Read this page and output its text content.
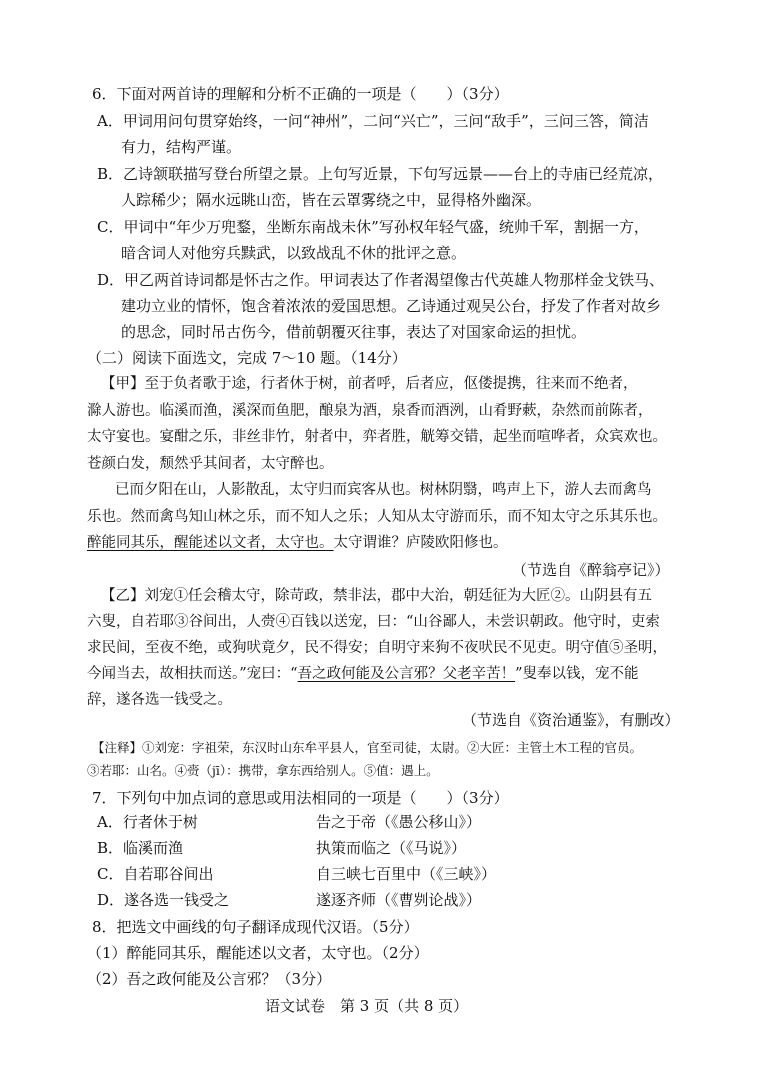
6．下面对两首诗的理解和分析不正确的一项是（　　）（3分）
A．甲词用问句贯穿始终，一问“神州”，二问“兴亡”，三问“敌手”，三问三答，简洁
有力，结构严谨。
B．乙诗颔联描写登台所望之景。上句写近景，下句写远景——台上的寺庙已经荒凉，
人踪稀少；隔水远眺山峦，皆在云罩雾绕之中，显得格外幽深。
C．甲词中“年少万兜鍪，坐断东南战未休”写孙权年轻气盛，统帅千军，割据一方，
暗含词人对他穷兵黩武，以致战乱不休的批评之意。
D．甲乙两首诗词都是怀古之作。甲词表达了作者渴望像古代英雄人物那样金戈铁马、
建功立业的情怀，饱含着浓浓的爱国思想。乙诗通过观吴公台，抒发了作者对故乡
的思念，同时吊古伤今，借前朝覆灭往事，表达了对国家命运的担忧。
（二）阅读下面选文，完成 7～10 题。（14分）
【甲】至于负者歌于途，行者休于树，前者呼，后者应，伛偻提携，往来而不绝者，
滁人游也。临溪而渔，溪深而鱼肥，酿泉为酒，泉香而酒洌，山肴野蔌，杂然而前陈者，
太守宴也。宴酣之乐，非丝非竹，射者中，弈者胜，觥筹交错，起坐而喧哗者，众宾欢也。
苍颜白发，颓然乎其间者，太守醉也。
已而夕阳在山，人影散乱，太守归而宾客从也。树林阴翳，鸣声上下，游人去而禽鸟
乐也。然而禽鸟知山林之乐，而不知人之乐；人知从太守游而乐，而不知太守之乐其乐也。
醉能同其乐，醒能述以文者，太守也。太守谓谁？庐陵欧阳修也。
（节选自《醉翁亭记》）
【乙】刘宠①任会稽太守，除苛政，禁非法，郡中大治，朝廷征为大匠②。山阴县有五
六叟，自若耶③谷间出，人赍④百钱以送宠，曰：“山谷鄙人，未尝识朝政。他守时，吏索
求民间，至夜不绝，或狗吠竟夕，民不得安；自明守来狗不夜吠民不见吏。明守值⑤圣明，
今闻当去，故相扶而送。”宠曰：“吾之政何能及公言邪？父老辛苦！”叟奉以钱，宠不能
辞，遂各选一钱受之。
（节选自《资治通鉴》，有删改）
【注释】①刘宠：字祖荣，东汉时山东牟平县人，官至司徒，太尉。②大匠：主管土木工程的官员。
③若耶：山名。④赍（jī）：携带，拿东西给别人。⑤值：遇上。
7．下列句中加点词的意思或用法相同的一项是（　　）（3分）
A．行者休于树	告之于帝（《愚公移山》）
B．临溪而渔	执策而临之（《马说》）
C．自若耶谷间出	自三峡七百里中（《三峡》）
D．遂各选一钱受之	遂逐齐师（《曹刿论战》）
8．把选文中画线的句子翻译成现代汉语。（5分）
（1）醉能同其乐，醒能述以文者，太守也。（2分）
（2）吾之政何能及公言邪？（3分）
语文试卷　第 3 页（共 8 页）
